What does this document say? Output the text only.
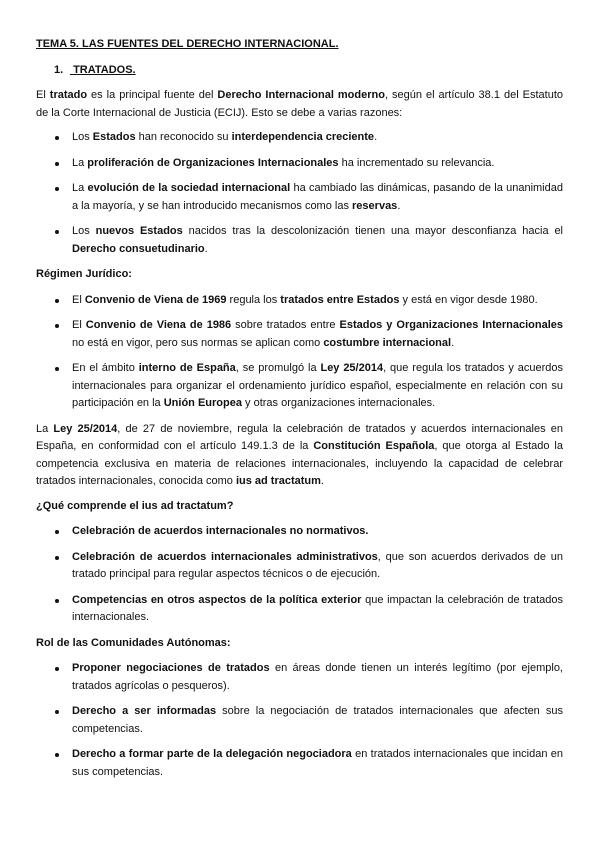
TEMA 5. LAS FUENTES DEL DERECHO INTERNACIONAL.
1. TRATADOS.

El tratado es la principal fuente del Derecho Internacional moderno, según el artículo 38.1 del Estatuto de la Corte Internacional de Justicia (ECIJ). Esto se debe a varias razones:

Los Estados han reconocido su interdependencia creciente.
La proliferación de Organizaciones Internacionales ha incrementado su relevancia.
La evolución de la sociedad internacional ha cambiado las dinámicas, pasando de la unanimidad a la mayoría, y se han introducido mecanismos como las reservas.
Los nuevos Estados nacidos tras la descolonización tienen una mayor desconfianza hacia el Derecho consuetudinario.
Régimen Jurídico:
El Convenio de Viena de 1969 regula los tratados entre Estados y está en vigor desde 1980.
El Convenio de Viena de 1986 sobre tratados entre Estados y Organizaciones Internacionales no está en vigor, pero sus normas se aplican como costumbre internacional.
En el ámbito interno de España, se promulgó la Ley 25/2014, que regula los tratados y acuerdos internacionales para organizar el ordenamiento jurídico español, especialmente en relación con su participación en la Unión Europea y otras organizaciones internacionales.

La Ley 25/2014, de 27 de noviembre, regula la celebración de tratados y acuerdos internacionales en España, en conformidad con el artículo 149.1.3 de la Constitución Española, que otorga al Estado la competencia exclusiva en materia de relaciones internacionales, incluyendo la capacidad de celebrar tratados internacionales, conocida como ius ad tractatum.

¿Qué comprende el ius ad tractatum?
Celebración de acuerdos internacionales no normativos.
Celebración de acuerdos internacionales administrativos, que son acuerdos derivados de un tratado principal para regular aspectos técnicos o de ejecución.
Competencias en otros aspectos de la política exterior que impactan la celebración de tratados internacionales.
Rol de las Comunidades Autónomas:
Proponer negociaciones de tratados en áreas donde tienen un interés legítimo (por ejemplo, tratados agrícolas o pesqueros).
Derecho a ser informadas sobre la negociación de tratados internacionales que afecten sus competencias.
Derecho a formar parte de la delegación negociadora en tratados internacionales que incidan en sus competencias.
